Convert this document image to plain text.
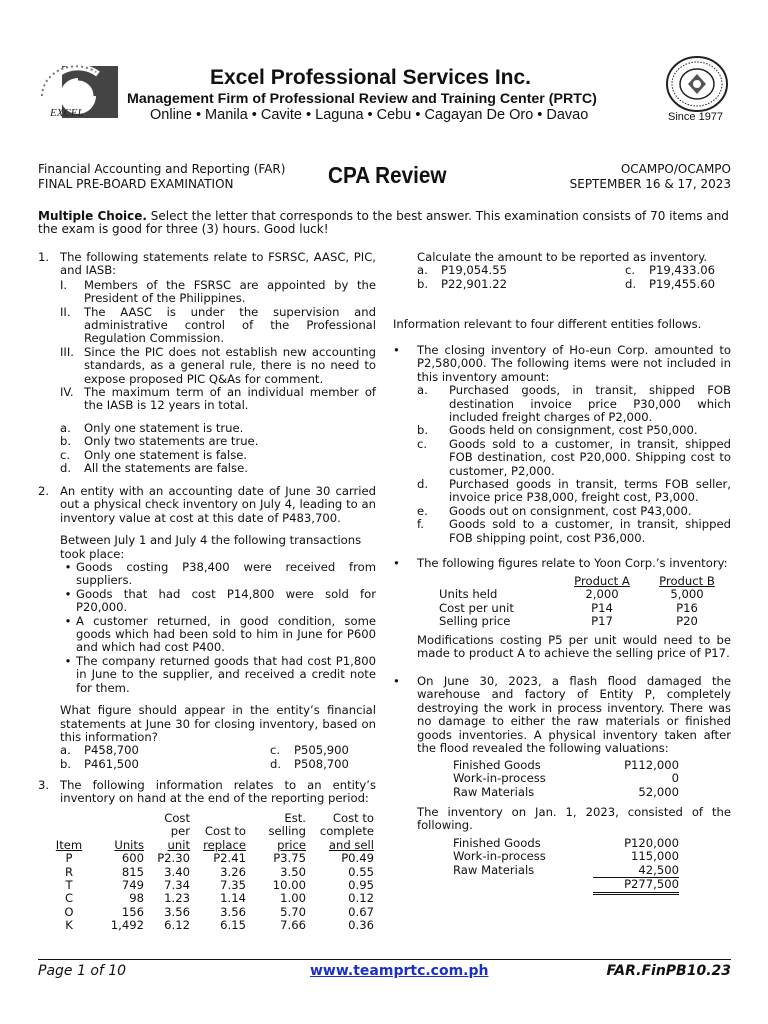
EXCEL
Excel Professional Services Inc.
Management Firm of Professional Review and Training Center (PRTC)
Online • Manila • Cavite • Laguna • Cebu • Cagayan De Oro • Davao	Since 1977
Financial Accounting and Reporting (FAR)
FINAL PRE-BOARD EXAMINATION	CPA Review	OCAMPO/OCAMPO
SEPTEMBER 16 & 17, 2023
Multiple Choice. Select the letter that corresponds to the best answer. This examination consists of 70 items and the exam is good for three (3) hours. Good luck!
1. The following statements relate to FSRSC, AASC, PIC, and IASB:
I.	Members of the FSRSC are appointed by the President of the Philippines.
II.	The AASC is under the supervision and administrative control of the Professional Regulation Commission.
III. Since the PIC does not establish new accounting standards, as a general rule, there is no need to expose proposed PIC Q&As for comment.
IV. The maximum term of an individual member of the IASB is 12 years in total.
a.	Only one statement is true.
b.	Only two statements are true.
c.	Only one statement is false.
d.	All the statements are false.
2. An entity with an accounting date of June 30 carried out a physical check inventory on July 4, leading to an inventory value at cost at this date of P483,700.
Between July 1 and July 4 the following transactions took place:
• Goods costing P38,400 were received from suppliers.
• Goods that had cost P14,800 were sold for P20,000.
• A customer returned, in good condition, some goods which had been sold to him in June for P600 and which had cost P400.
• The company returned goods that had cost P1,800 in June to the supplier, and received a credit note for them.
What figure should appear in the entity’s financial statements at June 30 for closing inventory, based on this information?
a.	P458,700	c.	P505,900
b.	P461,500	d.	P508,700
3. The following information relates to an entity’s inventory on hand at the end of the reporting period:
		Cost		Est.	Cost to
		per	Cost to	selling	complete
Item	Units	unit	replace	price	and sell
P	600	P2.30	P2.41	P3.75	P0.49
R	815	3.40	3.26	3.50	0.55
T	749	7.34	7.35	10.00	0.95
C	98	1.23	1.14	1.00	0.12
O	156	3.56	3.56	5.70	0.67
K	1,492	6.12	6.15	7.66	0.36
Calculate the amount to be reported as inventory.
a.	P19,054.55	c.	P19,433.06
b.	P22,901.22	d.	P19,455.60
Information relevant to four different entities follows.
•	The closing inventory of Ho-eun Corp. amounted to P2,580,000. The following items were not included in this inventory amount:
a.	Purchased goods, in transit, shipped FOB destination invoice price P30,000 which included freight charges of P2,000.
b.	Goods held on consignment, cost P50,000.
c.	Goods sold to a customer, in transit, shipped FOB destination, cost P20,000. Shipping cost to customer, P2,000.
d.	Purchased goods in transit, terms FOB seller, invoice price P38,000, freight cost, P3,000.
e.	Goods out on consignment, cost P43,000.
f.	Goods sold to a customer, in transit, shipped FOB shipping point, cost P36,000.
•	The following figures relate to Yoon Corp.’s inventory:
	Product A	Product B
Units held	2,000	5,000
Cost per unit	P14	P16
Selling price	P17	P20
Modifications costing P5 per unit would need to be made to product A to achieve the selling price of P17.
•	On June 30, 2023, a flash flood damaged the warehouse and factory of Entity P, completely destroying the work in process inventory. There was no damage to either the raw materials or finished goods inventories. A physical inventory taken after the flood revealed the following valuations:
Finished Goods	P112,000
Work-in-process	0
Raw Materials	52,000
The inventory on Jan. 1, 2023, consisted of the following.
Finished Goods	P120,000
Work-in-process	115,000
Raw Materials	42,500
	P277,500
Page 1 of 10	www.teamprtc.com.ph	FAR.FinPB10.23
